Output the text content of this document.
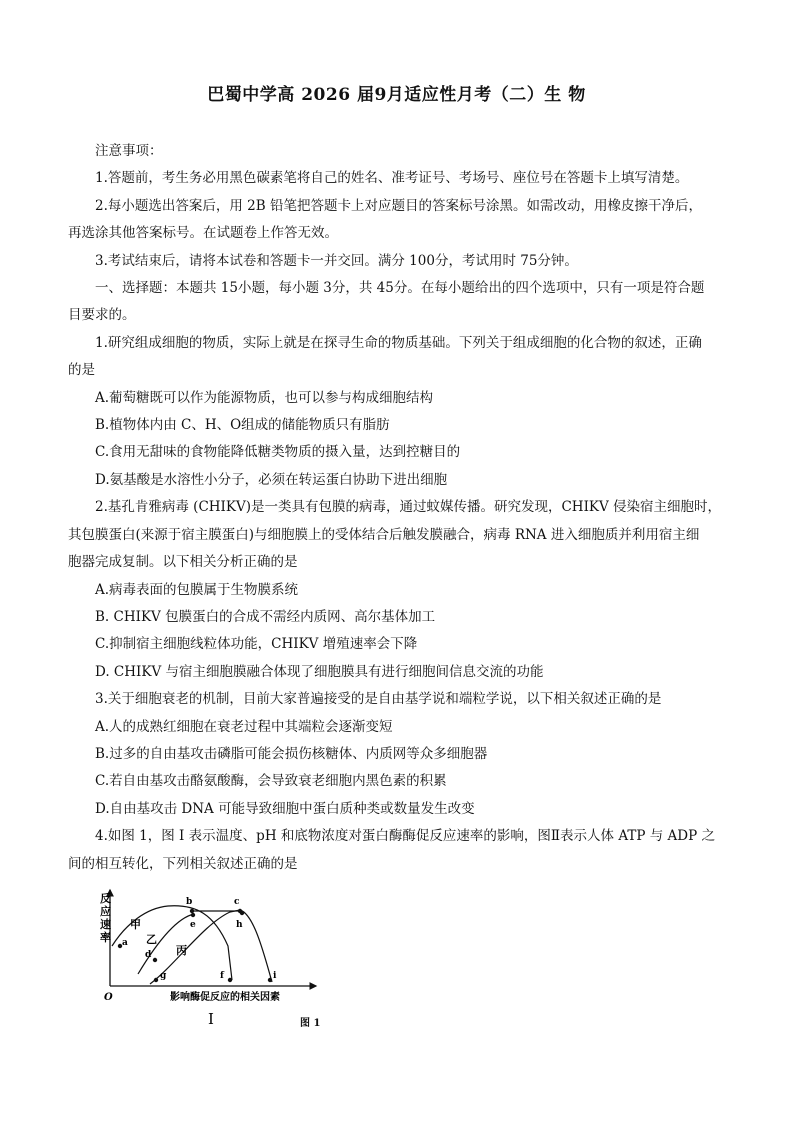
巴蜀中学高 2026 届9月适应性月考（二）生 物

注意事项：

1.答题前，考生务必用黑色碳素笔将自己的姓名、准考证号、考场号、座位号在答题卡上填写清楚。

2.每小题选出答案后，用 2B 铅笔把答题卡上对应题目的答案标号涂黑。如需改动，用橡皮擦干净后，

再选涂其他答案标号。在试题卷上作答无效。

3.考试结束后，请将本试卷和答题卡一并交回。满分 100分，考试用时 75分钟。

一、选择题：本题共 15小题，每小题 3分，共 45分。在每小题给出的四个选项中，只有一项是符合题

目要求的。

1.研究组成细胞的物质，实际上就是在探寻生命的物质基础。下列关于组成细胞的化合物的叙述，正确

的是

A.葡萄糖既可以作为能源物质，也可以参与构成细胞结构

B.植物体内由 C、H、O组成的储能物质只有脂肪

C.食用无甜味的食物能降低糖类物质的摄入量，达到控糖目的

D.氨基酸是水溶性小分子，必须在转运蛋白协助下进出细胞

2.基孔肯雅病毒 (CHIKV)是一类具有包膜的病毒，通过蚊媒传播。研究发现，CHIKV 侵染宿主细胞时，

其包膜蛋白(来源于宿主膜蛋白)与细胞膜上的受体结合后触发膜融合，病毒 RNA 进入细胞质并利用宿主细

胞器完成复制。以下相关分析正确的是

A.病毒表面的包膜属于生物膜系统

B. CHIKV 包膜蛋白的合成不需经内质网、高尔基体加工

C.抑制宿主细胞线粒体功能，CHIKV 增殖速率会下降

D. CHIKV 与宿主细胞膜融合体现了细胞膜具有进行细胞间信息交流的功能

3.关于细胞衰老的机制，目前大家普遍接受的是自由基学说和端粒学说，以下相关叙述正确的是

A.人的成熟红细胞在衰老过程中其端粒会逐渐变短

B.过多的自由基攻击磷脂可能会损伤核糖体、内质网等众多细胞器

C.若自由基攻击酪氨酸酶，会导致衰老细胞内黑色素的积累

D.自由基攻击 DNA 可能导致细胞中蛋白质种类或数量发生改变

4.如图 1，图 I 表示温度、pH 和底物浓度对蛋白酶酶促反应速率的影响，图Ⅱ表示人体 ATP 与 ADP 之

间的相互转化，下列相关叙述正确的是

反
应
速
率
O	影响酶促反应的相关因素
甲
乙
丙
a
b	c
d
e
f
g
h
i
I	图 1
